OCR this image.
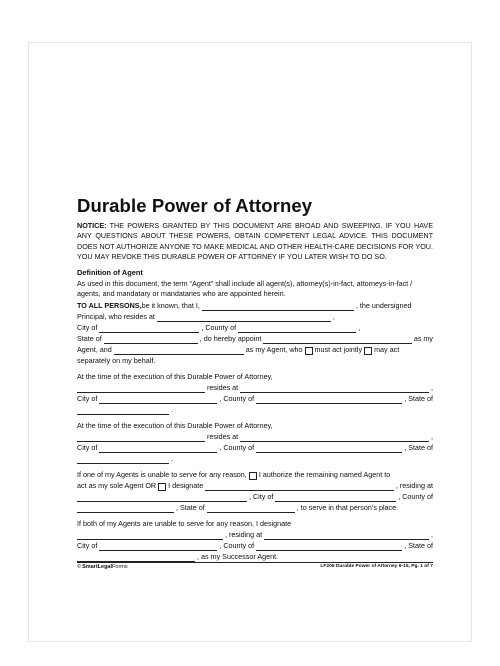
Durable Power of Attorney

NOTICE: THE POWERS GRANTED BY THIS DOCUMENT ARE BROAD AND SWEEPING. IF YOU HAVE ANY QUESTIONS ABOUT THESE POWERS, OBTAIN COMPETENT LEGAL ADVICE. THIS DOCUMENT DOES NOT AUTHORIZE ANYONE TO MAKE MEDICAL AND OTHER HEALTH-CARE DECISIONS FOR YOU. YOU MAY REVOKE THIS DURABLE POWER OF ATTORNEY IF YOU LATER WISH TO DO SO.

Definition of Agent

As used in this document, the term “Agent” shall include all agent(s), attorney(s)-in-fact, attorneys-in-fact / agents, and mandatary or mandataries who are appointed herein.

TO ALL PERSONS, be it known, that I,	, the undersigned
Principal, who resides at	,
City of	, County of	,
State of	, do hereby appoint	as my
Agent, and	as my Agent, who must act jointly may act
separately on my behalf.
At the time of the execution of this Durable Power of Attorney,
resides at	,
City of	, County of	, State of
.
At the time of the execution of this Durable Power of Attorney,
resides at	,
City of	, County of	, State of
.
If one of my Agents is unable to serve for any reason, I authorize the remaining named Agent to
act as my sole Agent OR I designate	, residing at
, City of	, County of
, State of	, to serve in that person’s place.
If both of my Agents are unable to serve for any reason, I designate
, residing at	,
City of	, County of	, State of
, as my Successor Agent.
© SmartLegalForms	LF205 Durable Power of Attorney 6-15, Pg. 1 of 7
